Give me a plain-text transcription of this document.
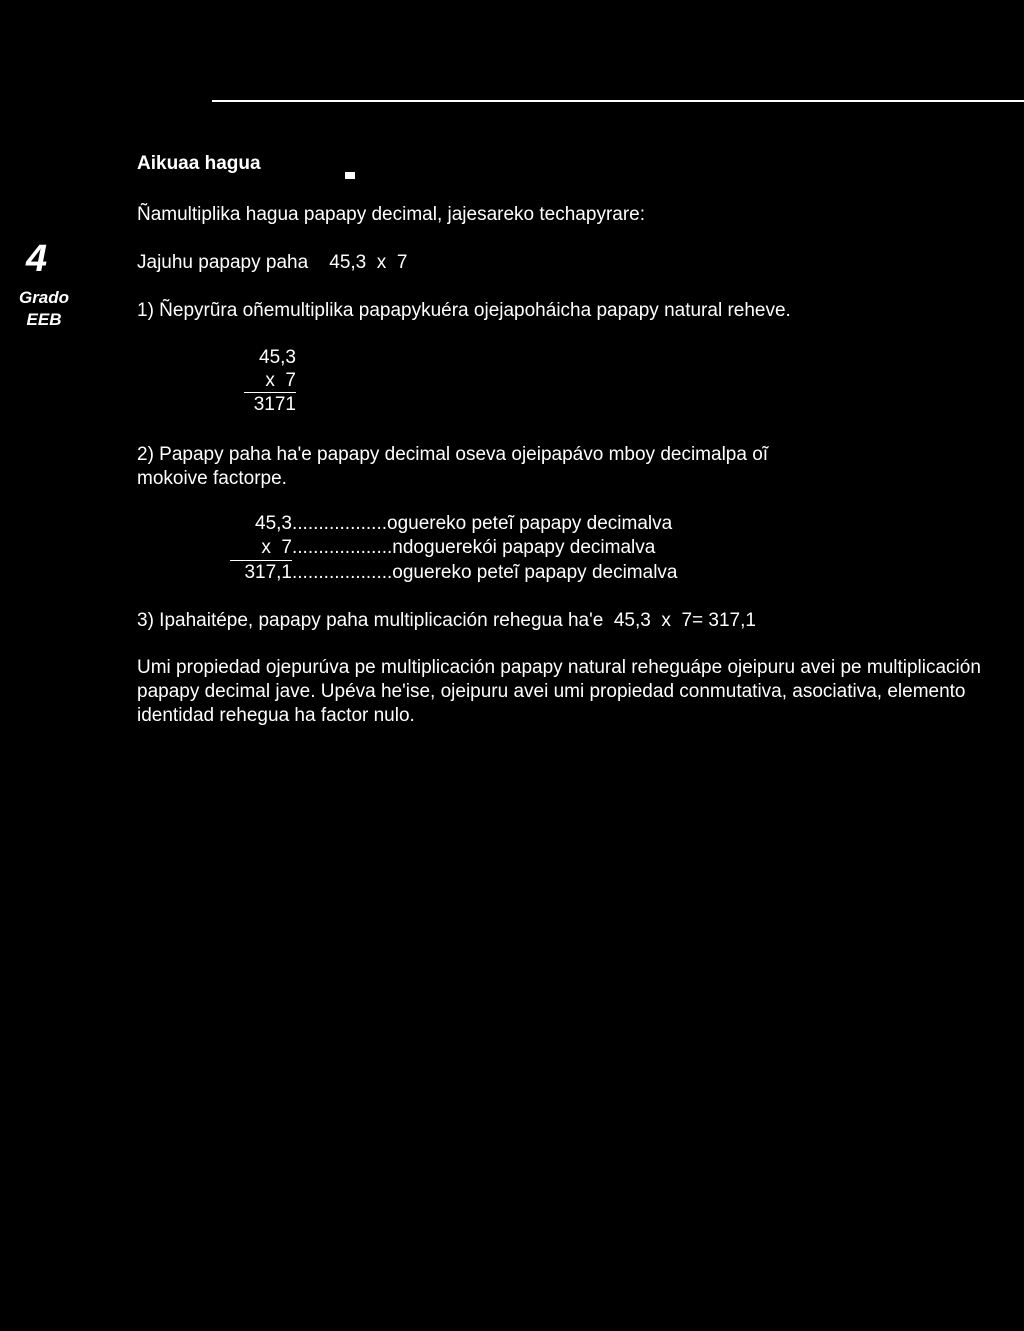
4
Grado
EEB
Aikuaa hagua
Ñamultiplika hagua papapy decimal, jajesareko techapyrare:
Jajuhu papapy paha    45,3  x  7
1) Ñepyrũra oñemultiplika papapykuéra ojejapoháicha papapy natural reheve.
45,3
x  7
3171
2) Papapy paha ha'e papapy decimal oseva ojeipapávo mboy decimalpa oĩ
mokoive factorpe.
45,3 ..................oguereko peteĩ papapy decimalva
x  7 ...................ndoguerekói papapy decimalva
317,1 ...................oguereko peteĩ papapy decimalva
3) Ipahaitépe, papapy paha multiplicación rehegua ha'e  45,3  x  7= 317,1
Umi propiedad ojepurúva pe multiplicación papapy natural reheguápe ojeipuru avei pe multiplicación papapy decimal jave. Upéva he'ise, ojeipuru avei umi propiedad conmutativa, asociativa, elemento identidad rehegua ha factor nulo.
